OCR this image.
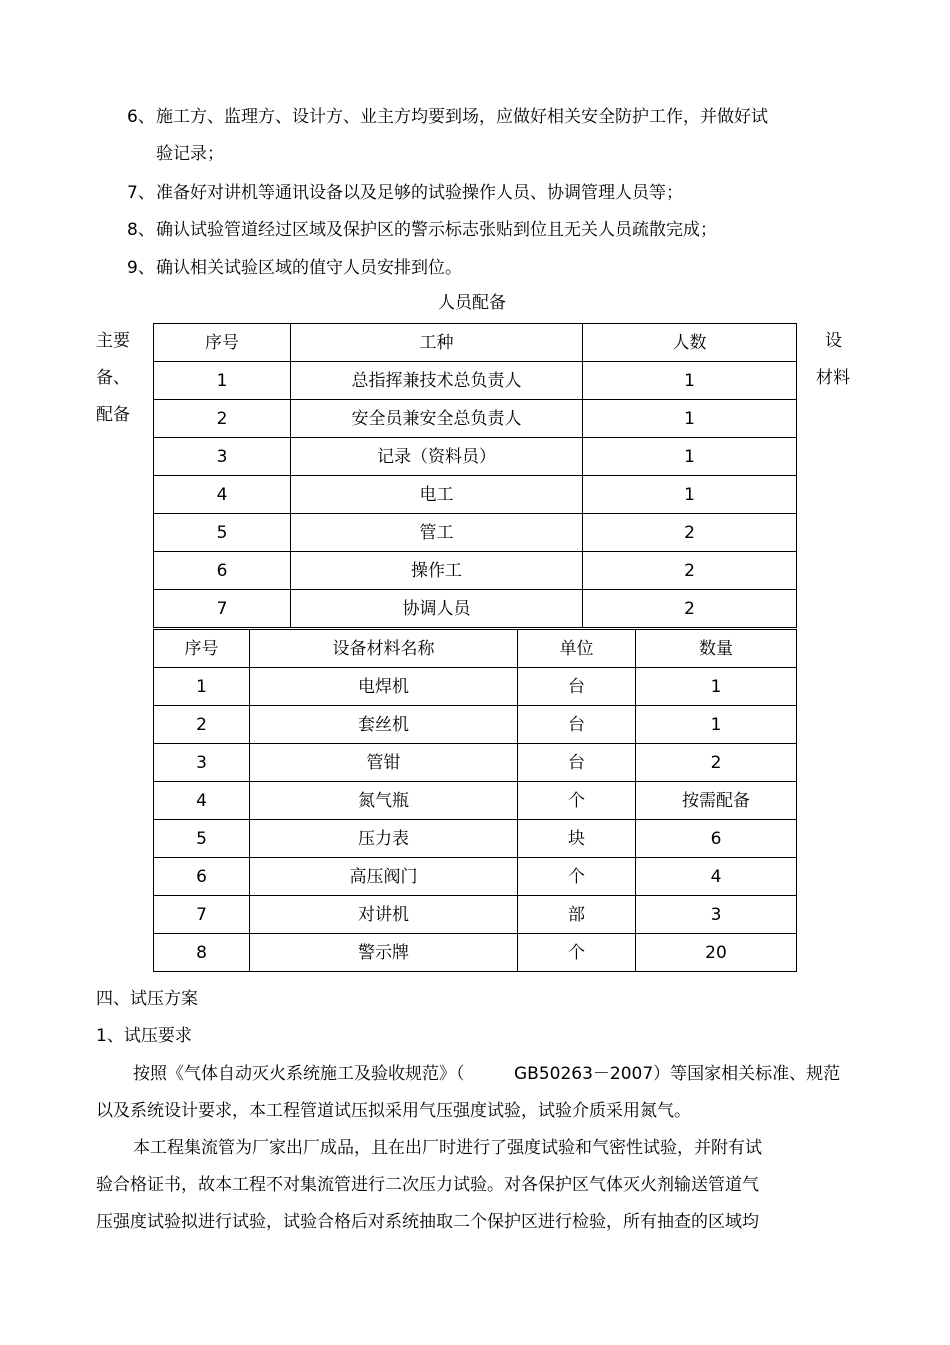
6、 施工方、监理方、设计方、业主方均要到场，应做好相关安全防护工作，并做好试
验记录；
7、 准备好对讲机等通讯设备以及足够的试验操作人员、协调管理人员等；
8、 确认试验管道经过区域及保护区的警示标志张贴到位且无关人员疏散完成；
9、 确认相关试验区域的值守人员安排到位。
人员配备
主要
备、
配备
设
材料
序号	工种	人数
1	总指挥兼技术总负责人	1
2	安全员兼安全总负责人	1
3	记录（资料员）	1
4	电工	1
5	管工	2
6	操作工	2
7	协调人员	2
序号	设备材料名称	单位	数量
1	电焊机	台	1
2	套丝机	台	1
3	管钳	台	2
4	氮气瓶	个	按需配备
5	压力表	块	6
6	高压阀门	个	4
7	对讲机	部	3
8	警示牌	个	20
四、试压方案
1、试压要求
按照《气体自动灭火系统施工及验收规范》（	GB50263－2007）等国家相关标准、规范
以及系统设计要求，本工程管道试压拟采用气压强度试验，试验介质采用氮气。
本工程集流管为厂家出厂成品，且在出厂时进行了强度试验和气密性试验，并附有试
验合格证书，故本工程不对集流管进行二次压力试验。对各保护区气体灭火剂输送管道气
压强度试验拟进行试验，试验合格后对系统抽取二个保护区进行检验，所有抽查的区域均
